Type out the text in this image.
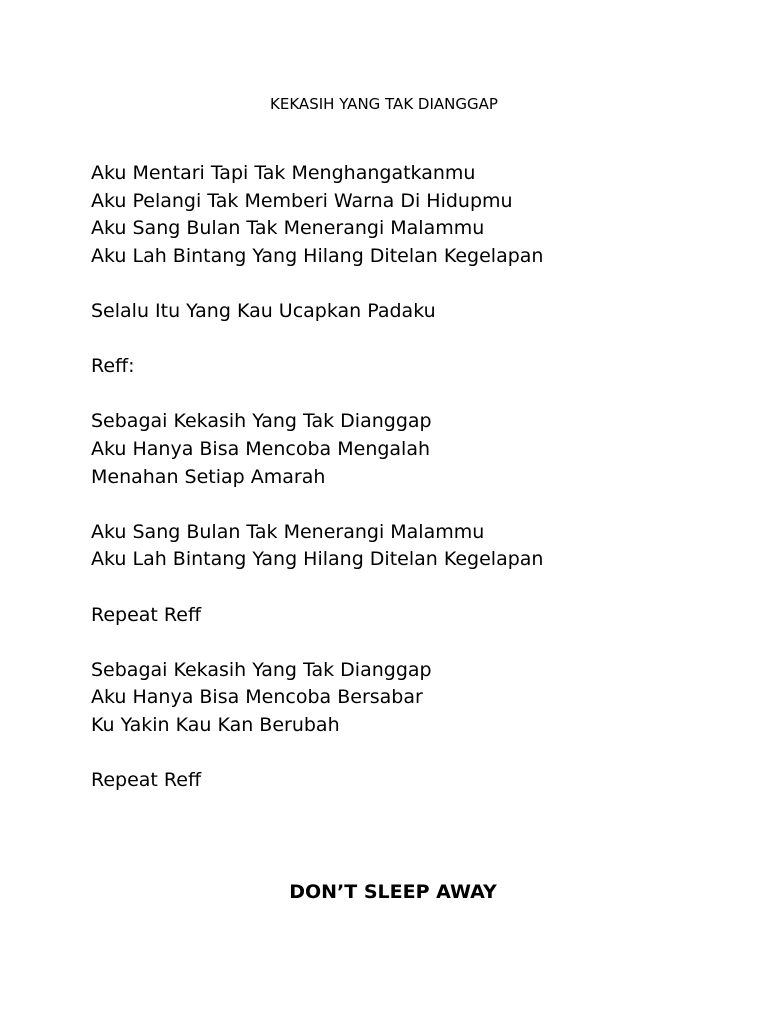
KEKASIH YANG TAK DIANGGAP
Aku Mentari Tapi Tak Menghangatkanmu
Aku Pelangi Tak Memberi Warna Di Hidupmu
Aku Sang Bulan Tak Menerangi Malammu
Aku Lah Bintang Yang Hilang Ditelan Kegelapan
Selalu Itu Yang Kau Ucapkan Padaku
Reff:
Sebagai Kekasih Yang Tak Dianggap
Aku Hanya Bisa Mencoba Mengalah
Menahan Setiap Amarah
Aku Sang Bulan Tak Menerangi Malammu
Aku Lah Bintang Yang Hilang Ditelan Kegelapan
Repeat Reff
Sebagai Kekasih Yang Tak Dianggap
Aku Hanya Bisa Mencoba Bersabar
Ku Yakin Kau Kan Berubah
Repeat Reff
DON’T SLEEP AWAY
